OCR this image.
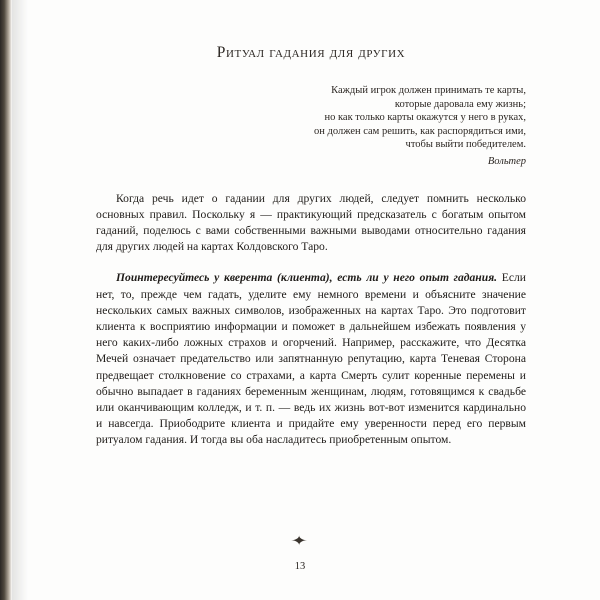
Ритуал гадания для других

Каждый игрок должен принимать те карты,

которые даровала ему жизнь;

но как только карты окажутся у него в руках,

он должен сам решить, как распорядиться ими,

чтобы выйти победителем.

Вольтер

Когда речь идет о гадании для других людей, следует помнить несколько основных правил. Поскольку я — практикующий предсказатель с богатым опытом гаданий, поделюсь с вами собственными важными выводами относительно гадания для других людей на картах Колдовского Таро.

Поинтересуйтесь у кверента (клиента), есть ли у него опыт гадания. Если нет, то, прежде чем гадать, уделите ему немного времени и объясните значение нескольких самых важных символов, изображенных на картах Таро. Это подготовит клиента к восприятию информации и поможет в дальнейшем избежать появления у него каких-либо ложных страхов и огорчений. Например, расскажите, что Десятка Мечей означает предательство или запятнанную репутацию, карта Теневая Сторона предвещает столкновение со страхами, а карта Смерть сулит коренные перемены и обычно выпадает в гаданиях беременным женщинам, людям, готовящимся к свадьбе или оканчивающим колледж, и т. п. — ведь их жизнь вот-вот изменится кардинально и навсегда. Приободрите клиента и придайте ему уверенности перед его первым ритуалом гадания. И тогда вы оба насладитесь приобретенным опытом.

✦
13
